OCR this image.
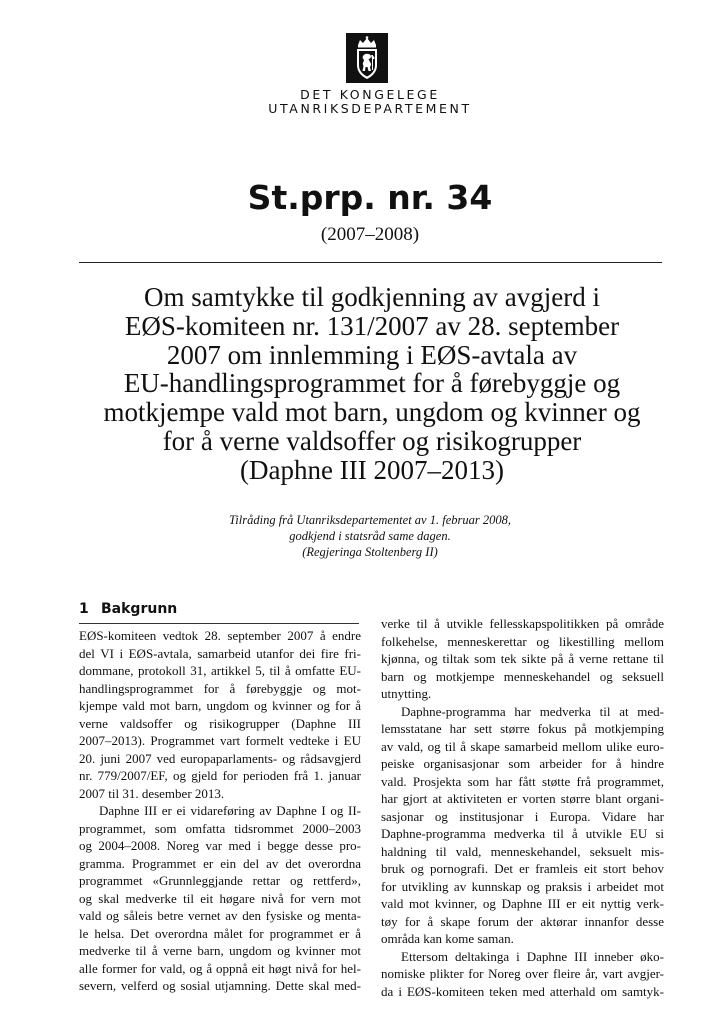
DET KONGELEGE
UTANRIKSDEPARTEMENT
St.prp. nr. 34
(2007–2008)
Om samtykke til godkjenning av avgjerd i
EØS-komiteen nr. 131/2007 av 28. september
2007 om innlemming i EØS-avtala av
EU-handlingsprogrammet for å førebyggje og
motkjempe vald mot barn, ungdom og kvinner og
for å verne valdsoffer og risikogrupper
(Daphne III 2007–2013)
Tilråding frå Utanriksdepartementet av 1. februar 2008,
godkjend i statsråd same dagen.
(Regjeringa Stoltenberg II)
1 Bakgrunn
EØS-komiteen vedtok 28. september 2007 å endre
del VI i EØS-avtala, samarbeid utanfor dei fire fri-
dommane, protokoll 31, artikkel 5, til å omfatte EU-
handlingsprogrammet for å førebyggje og mot-
kjempe vald mot barn, ungdom og kvinner og for å
verne valdsoffer og risikogrupper (Daphne III
2007–2013). Programmet vart formelt vedteke i EU
20. juni 2007 ved europaparlaments- og rådsavgjerd
nr. 779/2007/EF, og gjeld for perioden frå 1. januar
2007 til 31. desember 2013.
Daphne III er ei vidareføring av Daphne I og II-
programmet, som omfatta tidsrommet 2000–2003
og 2004–2008. Noreg var med i begge desse pro-
gramma. Programmet er ein del av det overordna
programmet «Grunnleggjande rettar og rettferd»,
og skal medverke til eit høgare nivå for vern mot
vald og såleis betre vernet av den fysiske og menta-
le helsa. Det overordna målet for programmet er å
medverke til å verne barn, ungdom og kvinner mot
alle former for vald, og å oppnå eit høgt nivå for hel-
severn, velferd og sosial utjamning. Dette skal med-
verke til å utvikle fellesskapspolitikken på område
folkehelse, menneskerettar og likestilling mellom
kjønna, og tiltak som tek sikte på å verne rettane til
barn og motkjempe menneskehandel og seksuell
utnytting.
Daphne-programma har medverka til at med-
lemsstatane har sett større fokus på motkjemping
av vald, og til å skape samarbeid mellom ulike euro-
peiske organisasjonar som arbeider for å hindre
vald. Prosjekta som har fått støtte frå programmet,
har gjort at aktiviteten er vorten større blant organi-
sasjonar og institusjonar i Europa. Vidare har
Daphne-programma medverka til å utvikle EU si
haldning til vald, menneskehandel, seksuelt mis-
bruk og pornografi. Det er framleis eit stort behov
for utvikling av kunnskap og praksis i arbeidet mot
vald mot kvinner, og Daphne III er eit nyttig verk-
tøy for å skape forum der aktørar innanfor desse
områda kan kome saman.
Ettersom deltakinga i Daphne III inneber øko-
nomiske plikter for Noreg over fleire år, vart avgjer-
da i EØS-komiteen teken med atterhald om samtyk-
